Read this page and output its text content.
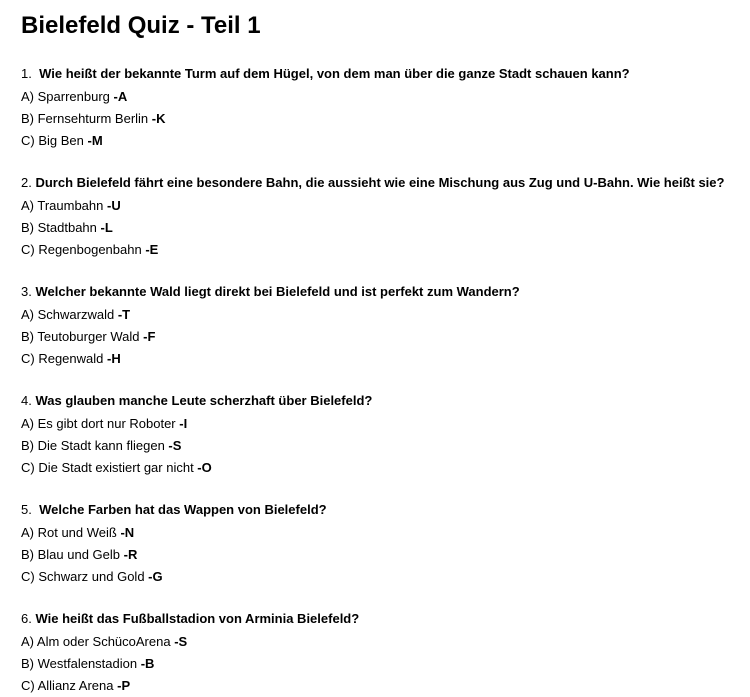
Bielefeld Quiz - Teil 1
1.  Wie heißt der bekannte Turm auf dem Hügel, von dem man über die ganze Stadt schauen kann?
A) Sparrenburg -A
B) Fernsehturm Berlin -K
C) Big Ben -M
2. Durch Bielefeld fährt eine besondere Bahn, die aussieht wie eine Mischung aus Zug und U-Bahn. Wie heißt sie?
A) Traumbahn -U
B) Stadtbahn -L
C) Regenbogenbahn -E
3. Welcher bekannte Wald liegt direkt bei Bielefeld und ist perfekt zum Wandern?
A) Schwarzwald -T
B) Teutoburger Wald -F
C) Regenwald -H
4. Was glauben manche Leute scherzhaft über Bielefeld?
A) Es gibt dort nur Roboter -I
B) Die Stadt kann fliegen -S
C) Die Stadt existiert gar nicht -O
5.  Welche Farben hat das Wappen von Bielefeld?
A) Rot und Weiß -N
B) Blau und Gelb -R
C) Schwarz und Gold -G
6. Wie heißt das Fußballstadion von Arminia Bielefeld?
A) Alm oder SchücoArena -S
B) Westfalenstadion -B
C) Allianz Arena -P
